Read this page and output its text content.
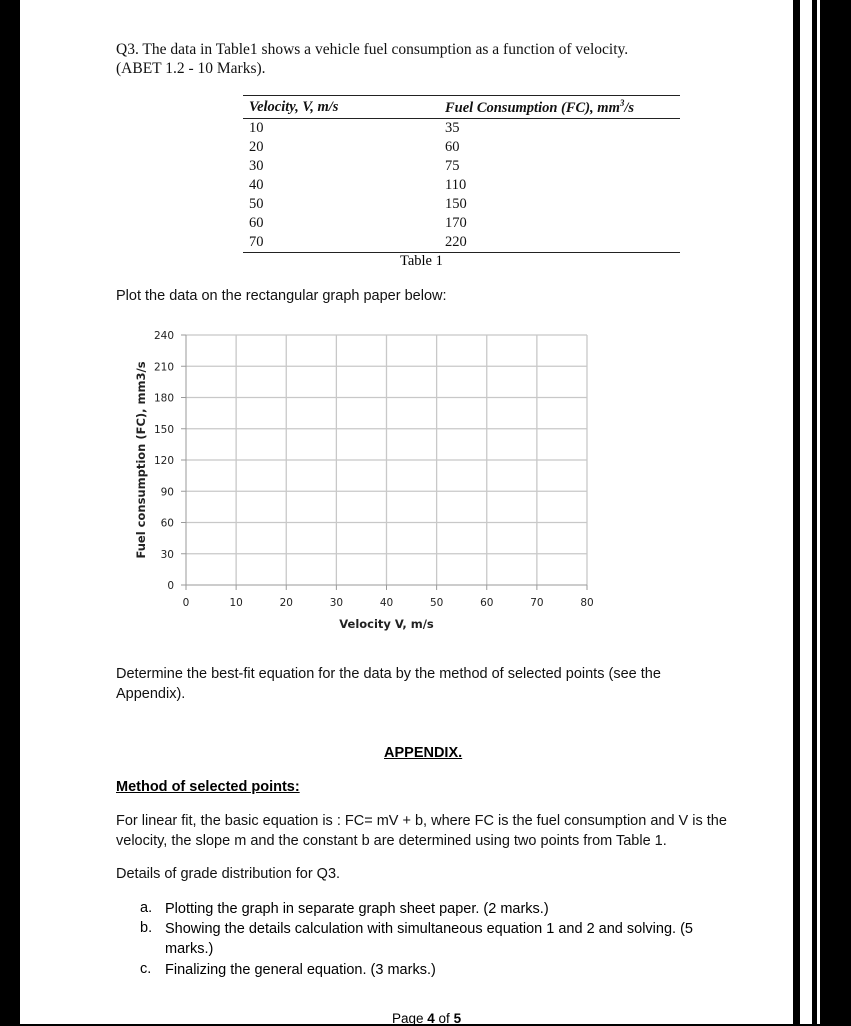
Q3. The data in Table1 shows a vehicle fuel consumption as a function of velocity.
(ABET 1.2 - 10 Marks).
Velocity, V, m/s	Fuel Consumption (FC), $mm^3/s$
10	35
20	60
30	75
40	110
50	150
60	170
70	220
Table 1
Plot the data on the rectangular graph paper below:
0	10	20	30	40	50	60	70	80
0
30
60
90
120
150
180
210
240
Velocity V, m/s
Fuel consumption (FC), mm3/s
Determine the best-fit equation for the data by the method of selected points (see the Appendix).
APPENDIX.
Method of selected points:
For linear fit, the basic equation is : FC= mV + b, where FC is the fuel consumption and V is the velocity, the slope m and the constant b are determined using two points from Table 1.
Details of grade distribution for Q3.
a. Plotting the graph in separate graph sheet paper. (2 marks.)
b. Showing the details calculation with simultaneous equation 1 and 2 and solving. (5 marks.)
c. Finalizing the general equation. (3 marks.)
Page 4 of 5
